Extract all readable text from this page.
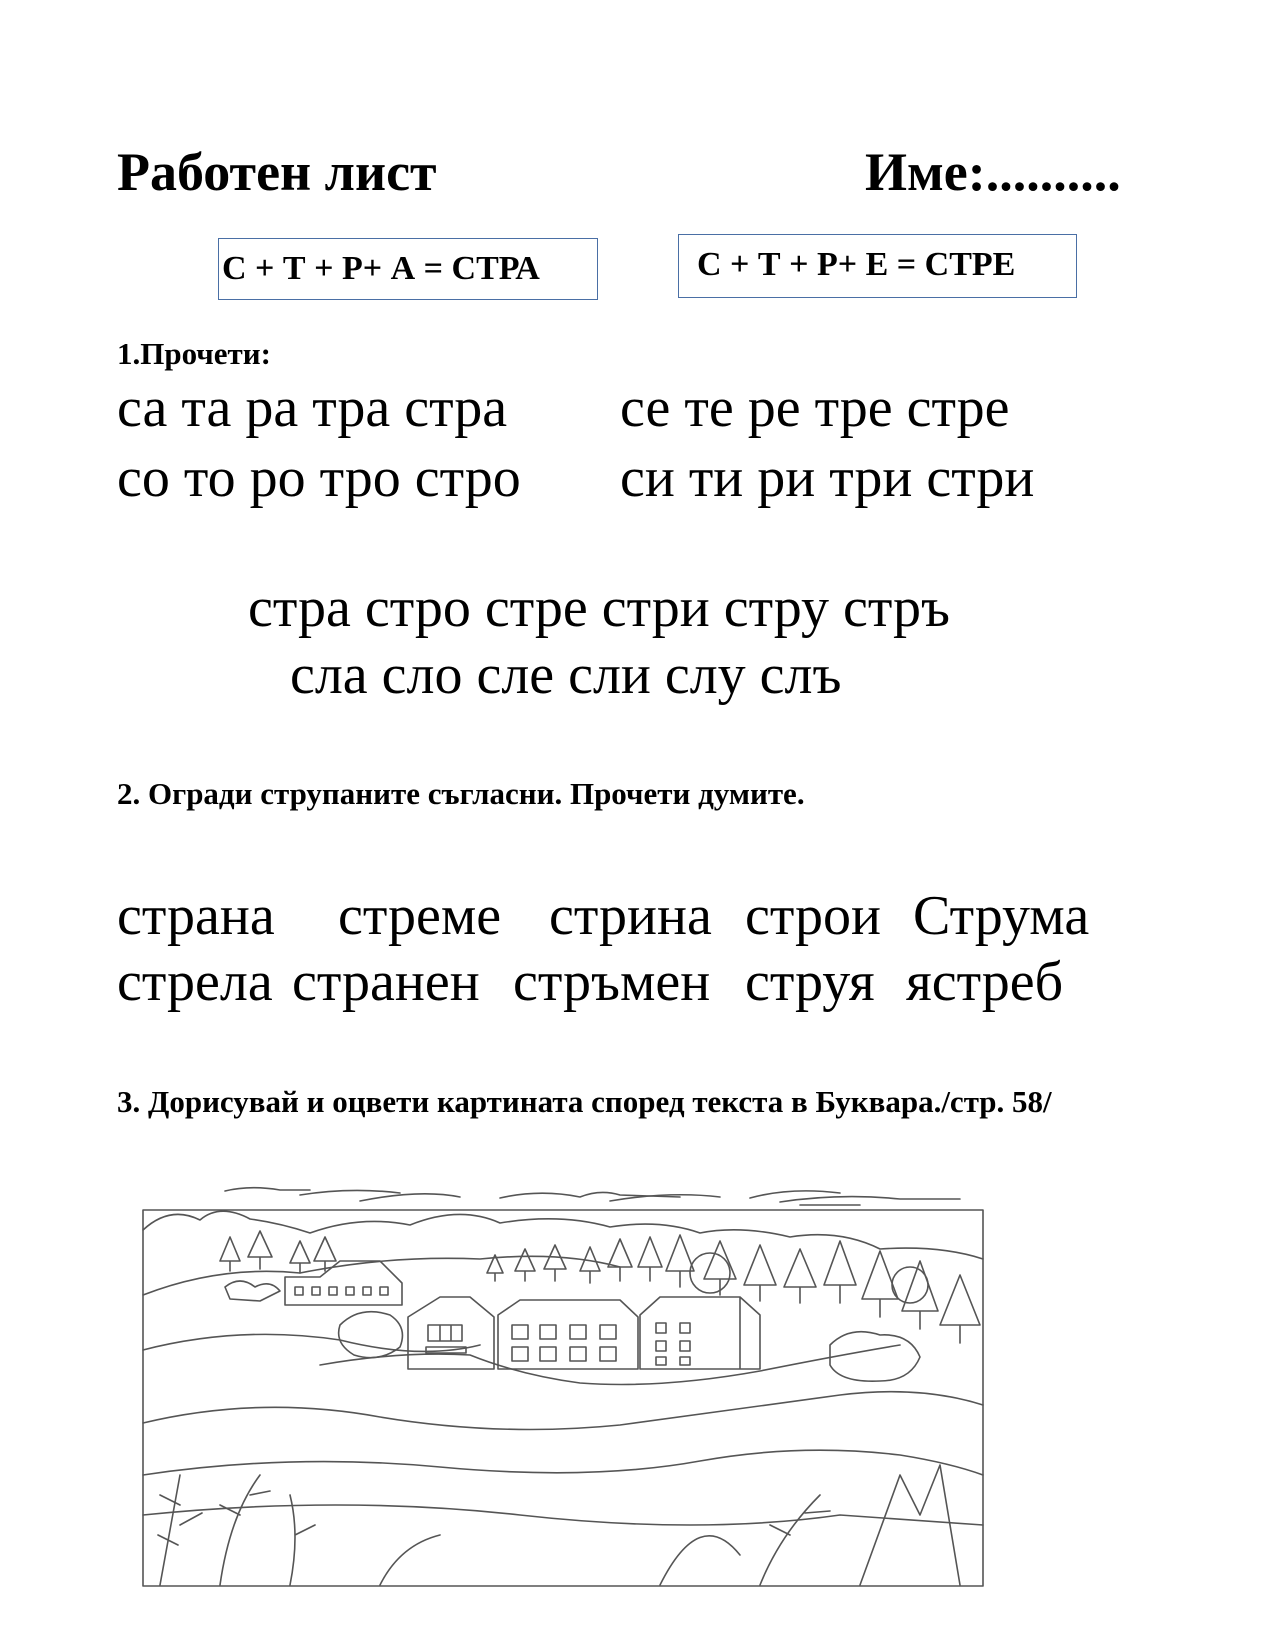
Работен лист	Име:..........
С + Т + Р+ А = СТРА	С + Т + Р+ Е = СТРЕ
1.Прочети:
са та ра тра стра се те ре тре стре
со то ро тро стро си ти ри три стри
стра стро стре стри стру стръ
сла сло сле сли слу слъ
2. Огради струпаните съгласни. Прочети думите.
страна стреме стрина строи Струма
стрела странен стръмен струя ястреб
3. Дорисувай и оцвети картината според текста в Буквара./стр. 58/
